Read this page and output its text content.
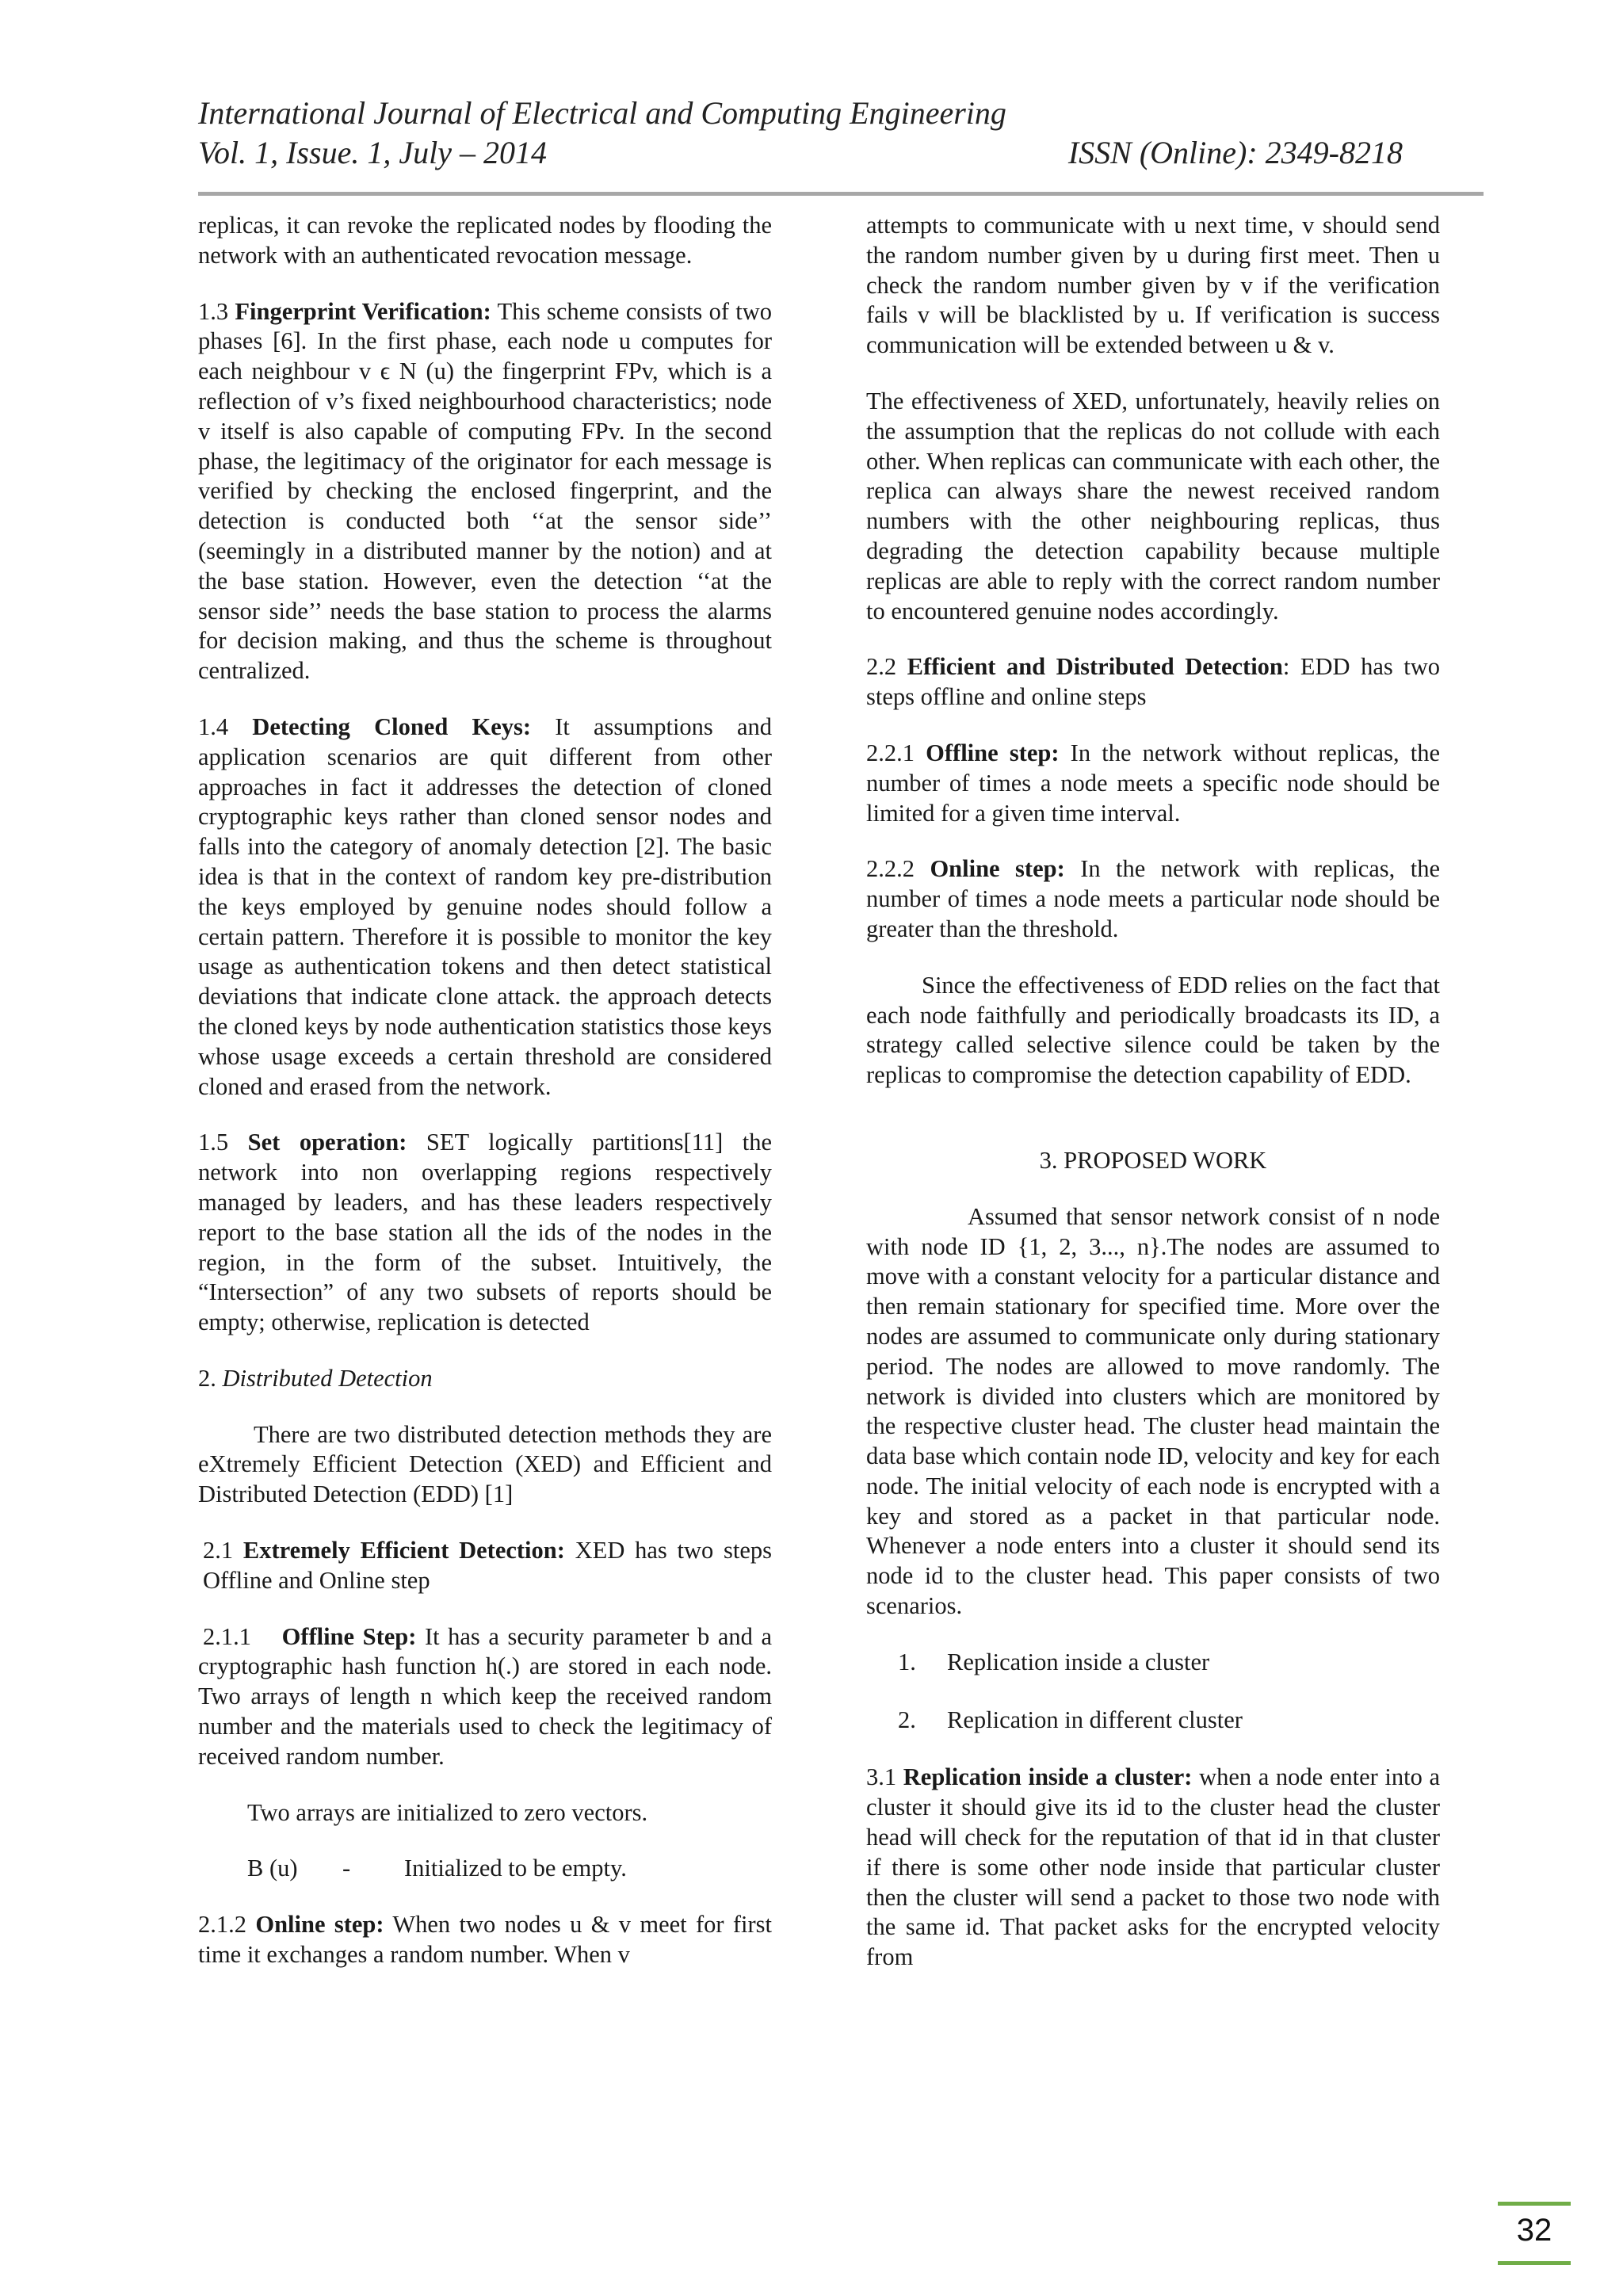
International Journal of Electrical and Computing Engineering
Vol. 1, Issue. 1, July – 2014	ISSN (Online): 2349-8218

replicas, it can revoke the replicated nodes by flooding the network with an authenticated revocation message.

1.3 Fingerprint Verification: This scheme consists of two phases [6]. In the first phase, each node u computes for each neighbour v ϵ N (u) the fingerprint FPv, which is a reflection of v’s fixed neighbourhood characteristics; node v itself is also capable of computing FPv. In the second phase, the legitimacy of the originator for each message is verified by checking the enclosed fingerprint, and the detection is conducted both ‘‘at the sensor side’’ (seemingly in a distributed manner by the notion) and at the base station. However, even the detection ‘‘at the sensor side’’ needs the base station to process the alarms for decision making, and thus the scheme is throughout centralized.

1.4 Detecting Cloned Keys: It assumptions and application scenarios are quit different from other approaches in fact it addresses the detection of cloned cryptographic keys rather than cloned sensor nodes and falls into the category of anomaly detection [2]. The basic idea is that in the context of random key pre-distribution the keys employed by genuine nodes should follow a certain pattern. Therefore it is possible to monitor the key usage as authentication tokens and then detect statistical deviations that indicate clone attack. the approach detects the cloned keys by node authentication statistics those keys whose usage exceeds a certain threshold are considered cloned and erased from the network.

1.5 Set operation: SET logically partitions[11] the network into non overlapping regions respectively managed by leaders, and has these leaders respectively report to the base station all the ids of the nodes in the region, in the form of the subset. Intuitively, the “Intersection” of any two subsets of reports should be empty; otherwise, replication is detected

2. Distributed Detection

There are two distributed detection methods they are eXtremely Efficient Detection (XED) and Efficient and Distributed Detection (EDD) [1]

2.1 Extremely Efficient Detection: XED has two steps Offline and Online step

2.1.1 Offline Step: It has a security parameter b and a cryptographic hash function h(.) are stored in each node. Two arrays of length n which keep the received random number and the materials used to check the legitimacy of received random number.

Two arrays are initialized to zero vectors.

B (u)	-	Initialized to be empty.

2.1.2 Online step: When two nodes u & v meet for first time it exchanges a random number. When v

attempts to communicate with u next time, v should send the random number given by u during first meet. Then u check the random number given by v if the verification fails v will be blacklisted by u. If verification is success communication will be extended between u & v.

The effectiveness of XED, unfortunately, heavily relies on the assumption that the replicas do not collude with each other. When replicas can communicate with each other, the replica can always share the newest received random numbers with the other neighbouring replicas, thus degrading the detection capability because multiple replicas are able to reply with the correct random number to encountered genuine nodes accordingly.

2.2 Efficient and Distributed Detection: EDD has two steps offline and online steps

2.2.1 Offline step: In the network without replicas, the number of times a node meets a specific node should be limited for a given time interval.

2.2.2 Online step: In the network with replicas, the number of times a node meets a particular node should be greater than the threshold.

Since the effectiveness of EDD relies on the fact that each node faithfully and periodically broadcasts its ID, a strategy called selective silence could be taken by the replicas to compromise the detection capability of EDD.

3. PROPOSED WORK

Assumed that sensor network consist of n node with node ID {1, 2, 3..., n}.The nodes are assumed to move with a constant velocity for a particular distance and then remain stationary for specified time. More over the nodes are assumed to communicate only during stationary period. The nodes are allowed to move randomly. The network is divided into clusters which are monitored by the respective cluster head. The cluster head maintain the data base which contain node ID, velocity and key for each node. The initial velocity of each node is encrypted with a key and stored as a packet in that particular node. Whenever a node enters into a cluster it should send its node id to the cluster head. This paper consists of two scenarios.

1.	Replication inside a cluster
2.	Replication in different cluster

3.1 Replication inside a cluster: when a node enter into a cluster it should give its id to the cluster head the cluster head will check for the reputation of that id in that cluster if there is some other node inside that particular cluster then the cluster will send a packet to those two node with the same id. That packet asks for the encrypted velocity from

32
